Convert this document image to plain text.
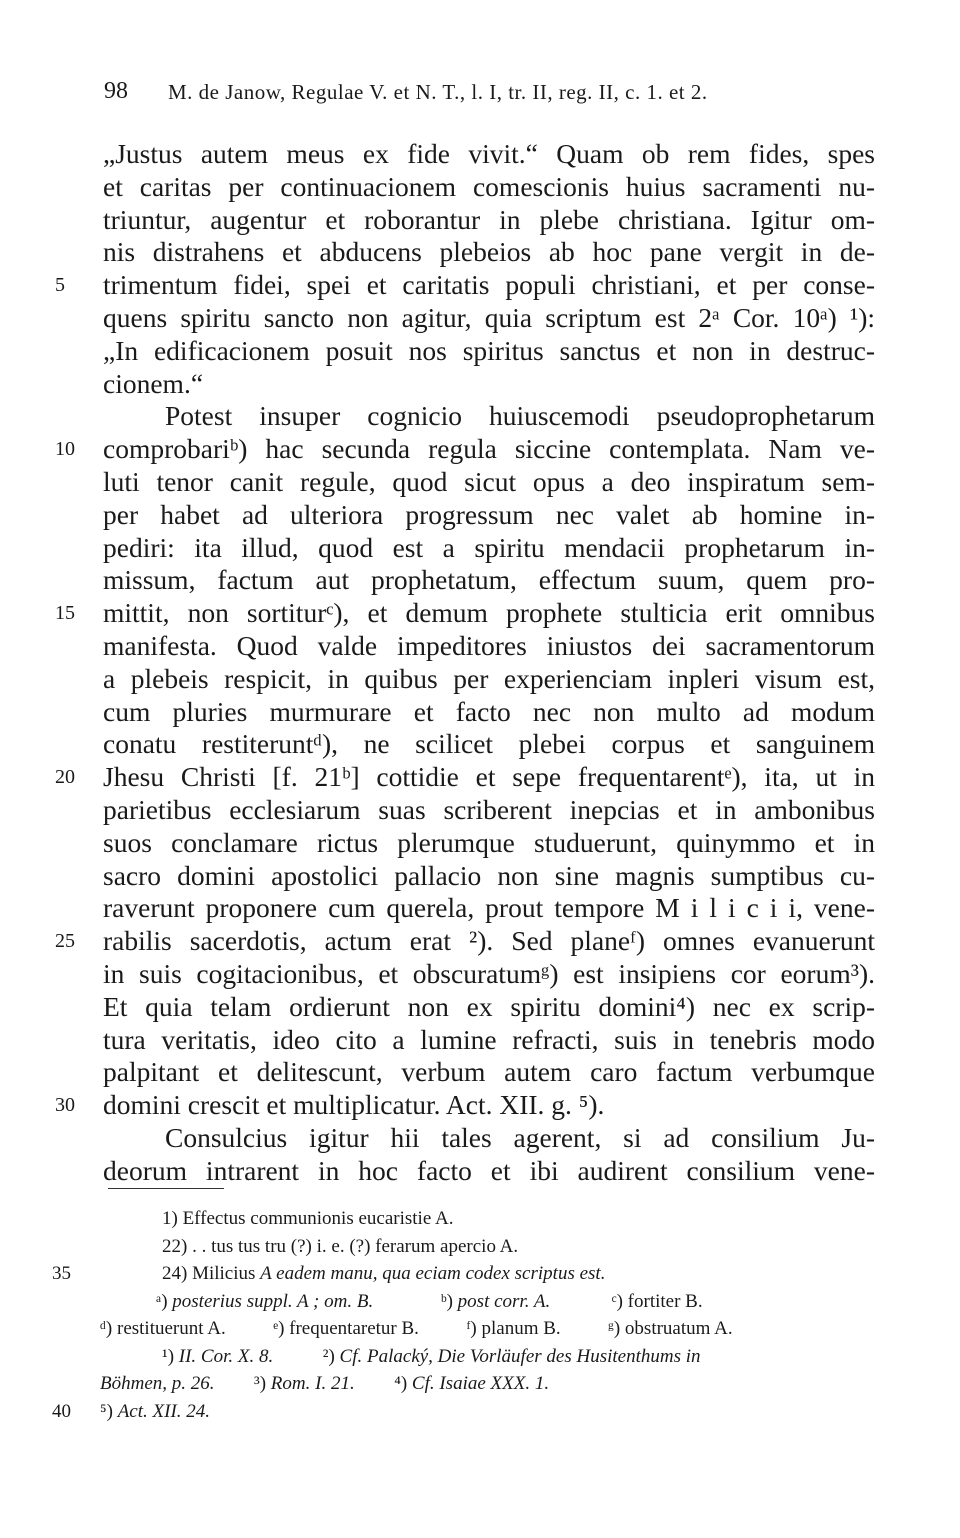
98 M. de Janow, Regulae V. et N. T., l. I, tr. II, reg. II, c. 1. et 2.
„Justus autem meus ex fide vivit.“ Quam ob rem fides, spes
et caritas per continuacionem comescionis huius sacramenti nu-
triuntur, augentur et roborantur in plebe christiana. Igitur om-
nis distrahens et abducens plebeios ab hoc pane vergit in de-
trimentum fidei, spei et caritatis populi christiani, et per conse-
5
quens spiritu sancto non agitur, quia scriptum est 2ᵃ Cor. 10ᵃ) ¹):
„In edificacionem posuit nos spiritus sanctus et non in destruc-
cionem.“
Potest insuper cognicio huiuscemodi pseudoprophetarum
comprobariᵇ) hac secunda regula siccine contemplata. Nam ve-
10
luti tenor canit regule, quod sicut opus a deo inspiratum sem-
per habet ad ulteriora progressum nec valet ab homine in-
pediri: ita illud, quod est a spiritu mendacii prophetarum in-
missum, factum aut prophetatum, effectum suum, quem pro-
mittit, non sortiturᶜ), et demum prophete stulticia erit omnibus
15
manifesta. Quod valde impeditores iniustos dei sacramentorum
a plebeis respicit, in quibus per experienciam inpleri visum est,
cum pluries murmurare et facto nec non multo ad modum
conatu restiteruntᵈ), ne scilicet plebei corpus et sanguinem
Jhesu Christi [f. 21ᵇ] cottidie et sepe frequentarentᵉ), ita, ut in
20
parietibus ecclesiarum suas scriberent inepcias et in ambonibus
suos conclamare rictus plerumque studuerunt, quinymmo et in
sacro domini apostolici pallacio non sine magnis sumptibus cu-
raverunt proponere cum querela, prout tempore M i l i c i i, vene-
rabilis sacerdotis, actum erat ²). Sed planeᶠ) omnes evanuerunt
25
in suis cogitacionibus, et obscuratumᵍ) est insipiens cor eorum³).
Et quia telam ordierunt non ex spiritu domini⁴) nec ex scrip-
tura veritatis, ideo cito a lumine refracti, suis in tenebris modo
palpitant et delitescunt, verbum autem caro factum verbumque
domini crescit et multiplicatur. Act. XII. g. ⁵).
30
Consulcius igitur hii tales agerent, si ad consilium Ju-
deorum intrarent in hoc facto et ibi audirent consilium vene-
1) Effectus communionis eucaristie A.
22) . . tus tus tru (?) i. e. (?) ferarum apercio A.
35	24) Milicius A eadem manu, qua eciam codex scriptus est.
ᵃ) posterius suppl. A ; om. B.	ᵇ) post corr. A.	ᶜ) fortiter B.
ᵈ) restituerunt A.	ᵉ) frequentaretur B.	ᶠ) planum B.	ᵍ) obstruatum A.
¹) II. Cor. X. 8.	²) Cf. Palacký, Die Vorläufer des Husitenthums in
Böhmen, p. 26. ³) Rom. I. 21. ⁴) Cf. Isaiae XXX. 1.
40 ⁵) Act. XII. 24.
